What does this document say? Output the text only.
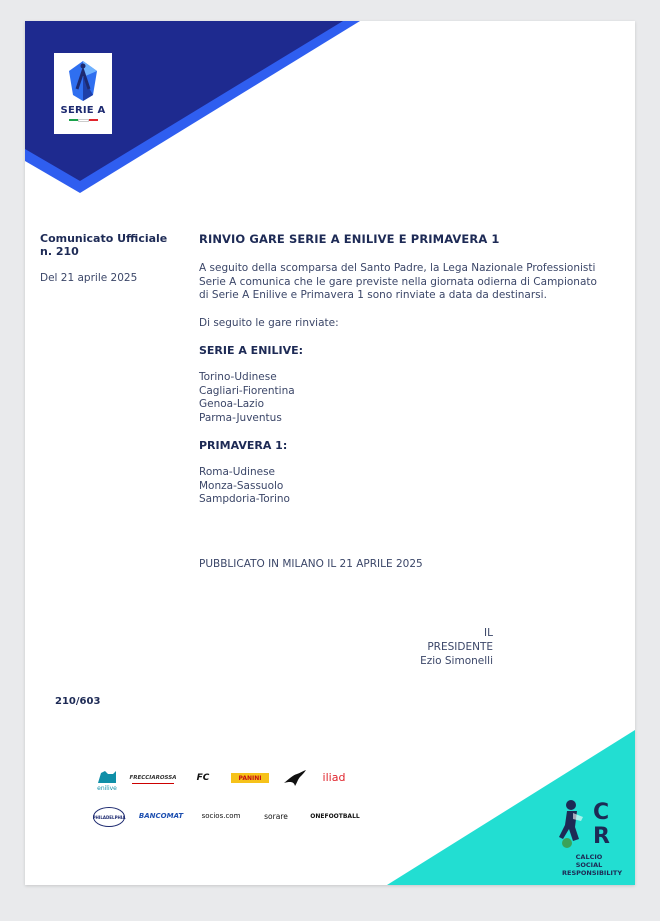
SERIE A
Comunicato Ufficiale
n. 210
Del 21 aprile 2025
RINVIO GARE SERIE A ENILIVE E PRIMAVERA 1
A seguito della scomparsa del Santo Padre, la Lega Nazionale Professionisti Serie A comunica che le gare previste nella giornata odierna di Campionato di Serie A Enilive e Primavera 1 sono rinviate a data da destinarsi.
Di seguito le gare rinviate:
SERIE A ENILIVE:
Torino-Udinese
Cagliari-Fiorentina
Genoa-Lazio
Parma-Juventus
PRIMAVERA 1:
Roma-Udinese
Monza-Sassuolo
Sampdoria-Torino
PUBBLICATO IN MILANO IL 21 APRILE 2025
IL PRESIDENTE
Ezio Simonelli
210/603
enilive
FRECCIAROSSA	FC	PANINI	iliad
PHILADELPHIA BANCOMAT	socios.com	sorare	ONEFOOTBALL	C
R
CALCIO SOCIAL
RESPONSIBILITY
